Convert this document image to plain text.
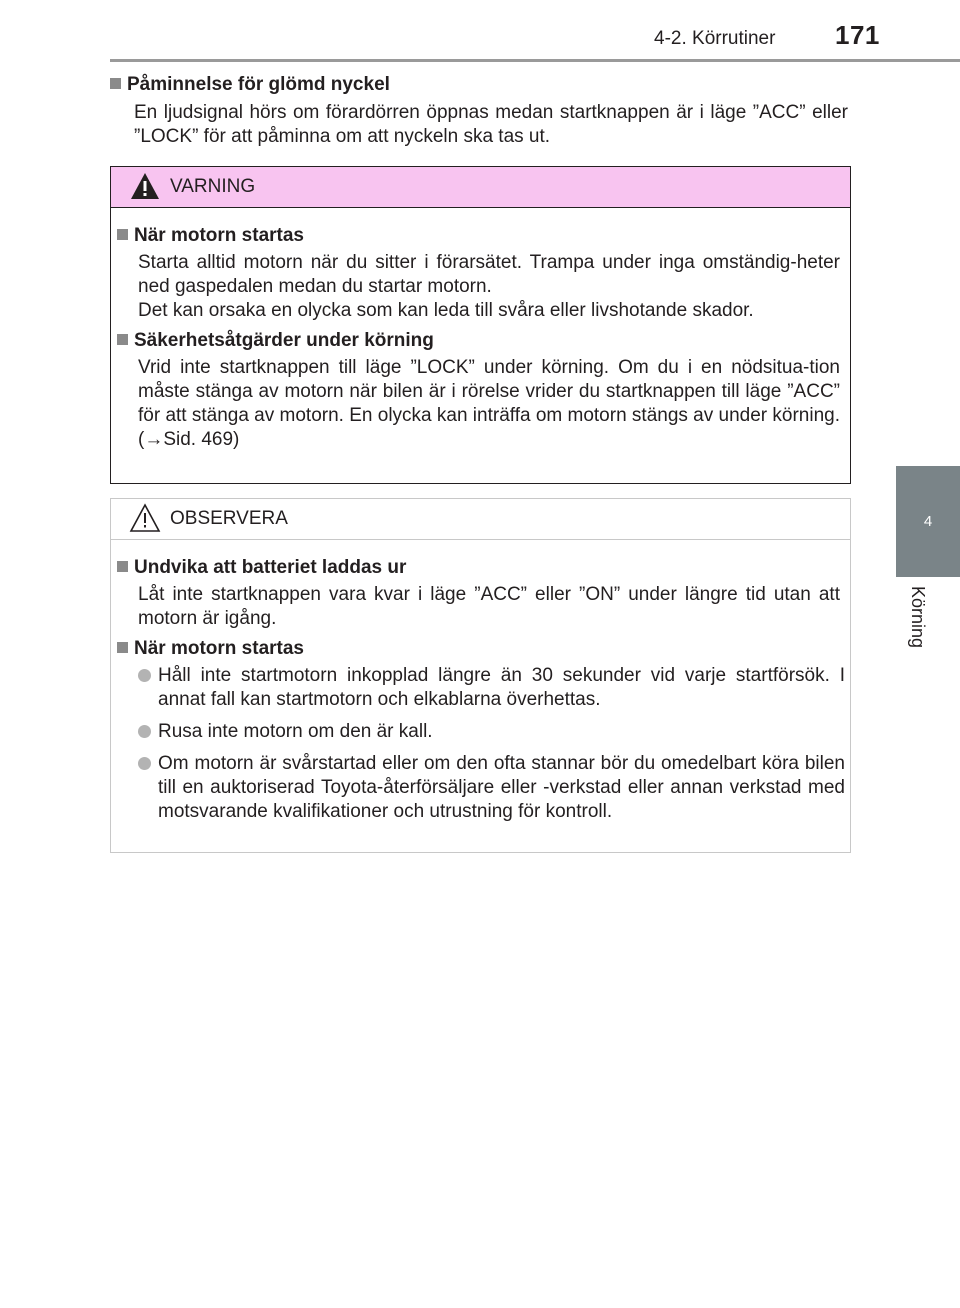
4-2. Körrutiner 171
4
Körning
Påminnelse för glömd nyckel
En ljudsignal hörs om förardörren öppnas medan startknappen är i läge ”ACC” eller ”LOCK” för att påminna om att nyckeln ska tas ut.
VARNING
När motorn startas
Starta alltid motorn när du sitter i förarsätet. Trampa under inga omständig-heter ned gaspedalen medan du startar motorn.
Det kan orsaka en olycka som kan leda till svåra eller livshotande skador.
Säkerhetsåtgärder under körning
Vrid inte startknappen till läge ”LOCK” under körning. Om du i en nödsitua-tion måste stänga av motorn när bilen är i rörelse vrider du startknappen till läge ”ACC” för att stänga av motorn. En olycka kan inträffa om motorn stängs av under körning. (→Sid. 469)
OBSERVERA
Undvika att batteriet laddas ur
Låt inte startknappen vara kvar i läge ”ACC” eller ”ON” under längre tid utan att motorn är igång.
När motorn startas
Håll inte startmotorn inkopplad längre än 30 sekunder vid varje startförsök. I annat fall kan startmotorn och elkablarna överhettas.
Rusa inte motorn om den är kall.
Om motorn är svårstartad eller om den ofta stannar bör du omedelbart köra bilen till en auktoriserad Toyota-återförsäljare eller -verkstad eller annan verkstad med motsvarande kvalifikationer och utrustning för kontroll.
